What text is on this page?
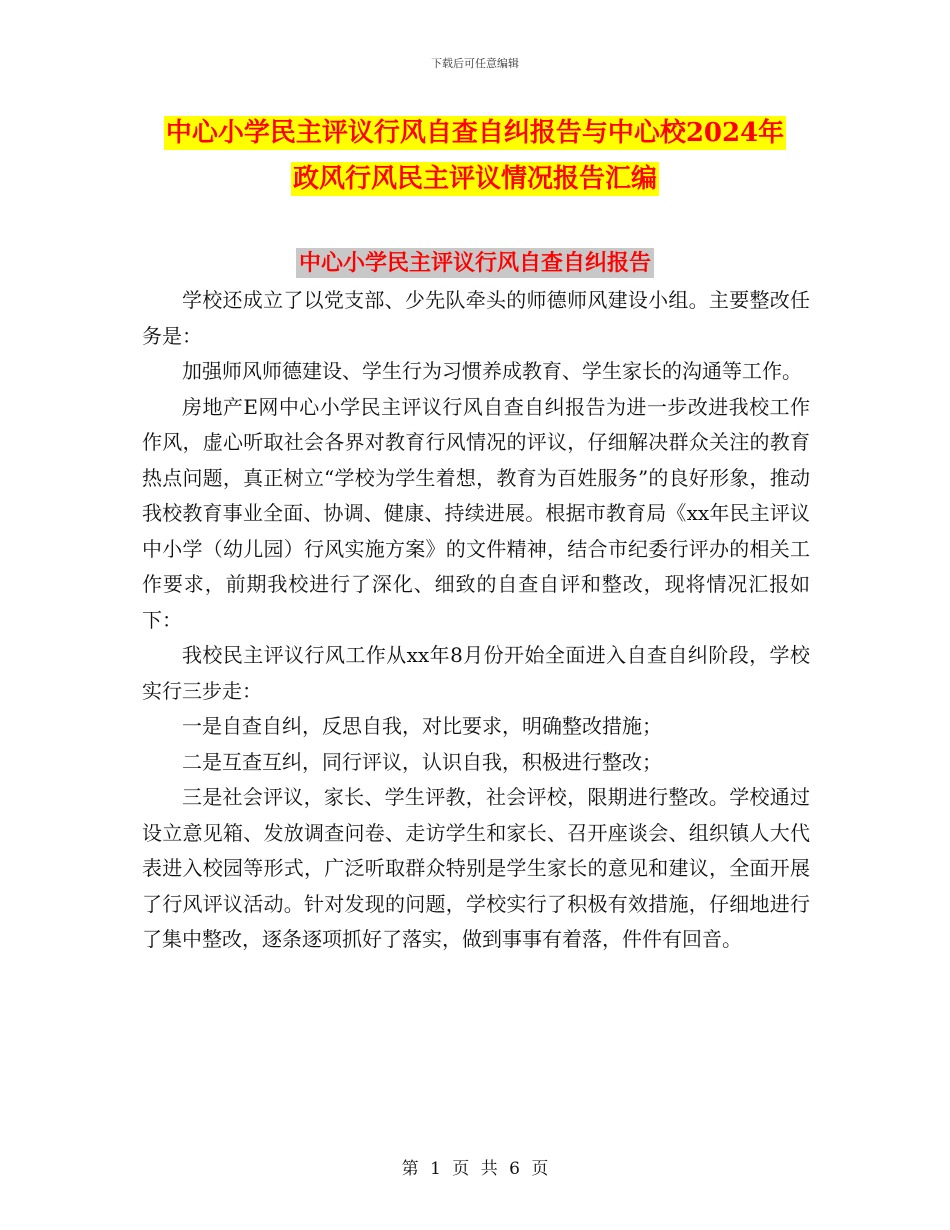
下载后可任意编辑
中心小学民主评议行风自查自纠报告与中心校2024年
政风行风民主评议情况报告汇编
中心小学民主评议行风自查自纠报告

学校还成立了以党支部、少先队牵头的师德师风建设小组。主要整改任务是：

加强师风师德建设、学生行为习惯养成教育、学生家长的沟通等工作。

房地产E网中心小学民主评议行风自查自纠报告为进一步改进我校工作作风，虚心听取社会各界对教育行风情况的评议，仔细解决群众关注的教育热点问题，真正树立“学校为学生着想，教育为百姓服务”的良好形象，推动我校教育事业全面、协调、健康、持续进展。根据市教育局《xx年民主评议中小学（幼儿园）行风实施方案》的文件精神，结合市纪委行评办的相关工作要求，前期我校进行了深化、细致的自查自评和整改，现将情况汇报如下：

我校民主评议行风工作从xx年8月份开始全面进入自查自纠阶段，学校实行三步走：

一是自查自纠，反思自我，对比要求，明确整改措施；

二是互查互纠，同行评议，认识自我，积极进行整改；

三是社会评议，家长、学生评教，社会评校，限期进行整改。学校通过设立意见箱、发放调查问卷、走访学生和家长、召开座谈会、组织镇人大代表进入校园等形式，广泛听取群众特别是学生家长的意见和建议，全面开展了行风评议活动。针对发现的问题，学校实行了积极有效措施，仔细地进行了集中整改，逐条逐项抓好了落实，做到事事有着落，件件有回音。

第 1 页 共 6 页
